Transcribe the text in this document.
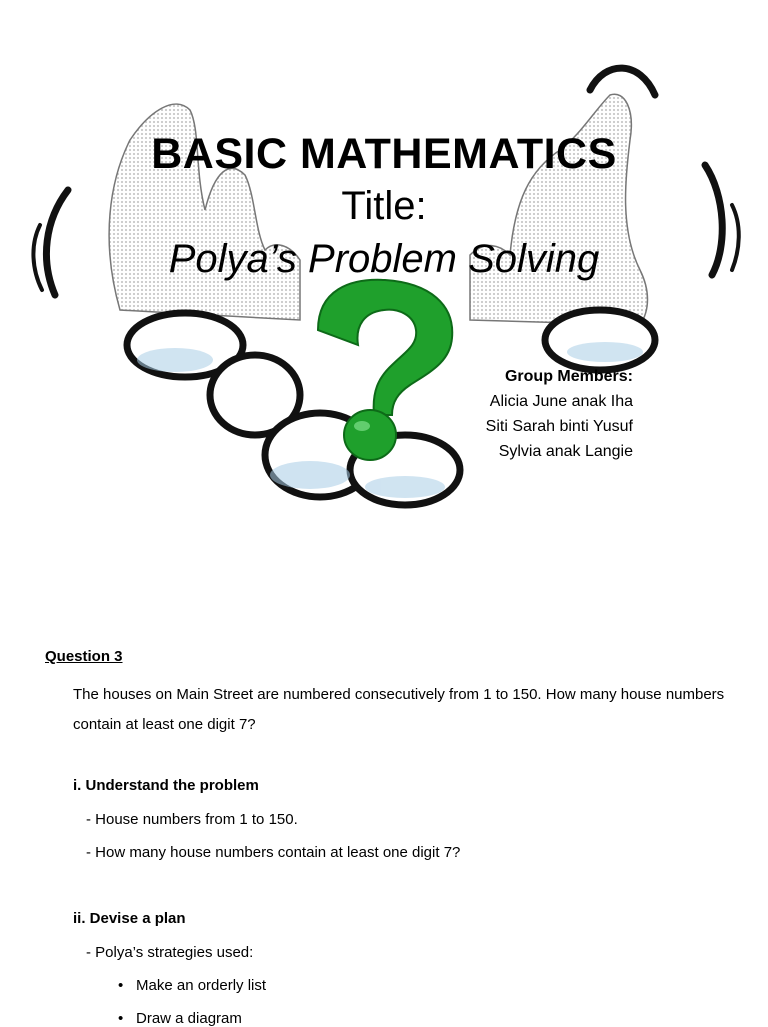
BASIC MATHEMATICS
Title:
Polya’s Problem Solving
Group Members:
Alicia June anak Iha
Siti Sarah binti Yusuf
Sylvia anak Langie
Question 3
The houses on Main Street are numbered consecutively from 1 to 150. How many house numbers contain at least one digit 7?
i. Understand the problem
- House numbers from 1 to 150.
- How many house numbers contain at least one digit 7?
ii. Devise a plan
- Polya’s strategies used:
• Make an orderly list
• Draw a diagram
